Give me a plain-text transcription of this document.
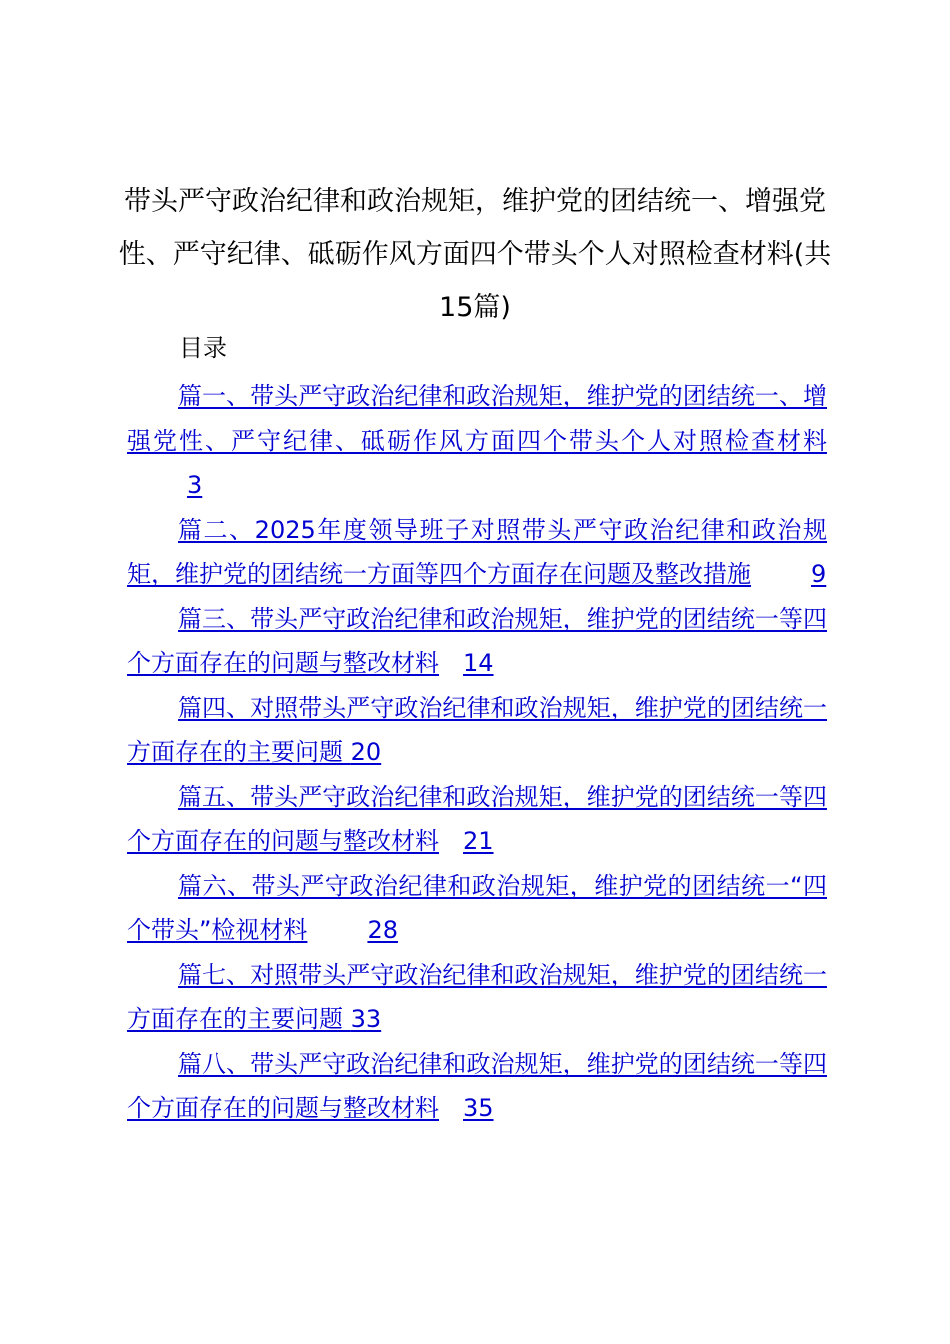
带头严守政治纪律和政治规矩，维护党的团结统一、增强党性、严守纪律、砥砺作风方面四个带头个人对照检查材料(共15篇)
目录
篇一、带头严守政治纪律和政治规矩，维护党的团结统一、增强党性、严守纪律、砥砺作风方面四个带头个人对照检查材料3
篇二、2025年度领导班子对照带头严守政治纪律和政治规矩，维护党的团结统一方面等四个方面存在问题及整改措施	9
篇三、带头严守政治纪律和政治规矩，维护党的团结统一等四个方面存在的问题与整改材料 14
篇四、对照带头严守政治纪律和政治规矩，维护党的团结统一方面存在的主要问题 20
篇五、带头严守政治纪律和政治规矩，维护党的团结统一等四个方面存在的问题与整改材料 21
篇六、带头严守政治纪律和政治规矩，维护党的团结统一“四个带头”检视材料	28
篇七、对照带头严守政治纪律和政治规矩，维护党的团结统一方面存在的主要问题 33
篇八、带头严守政治纪律和政治规矩，维护党的团结统一等四个方面存在的问题与整改材料 35
